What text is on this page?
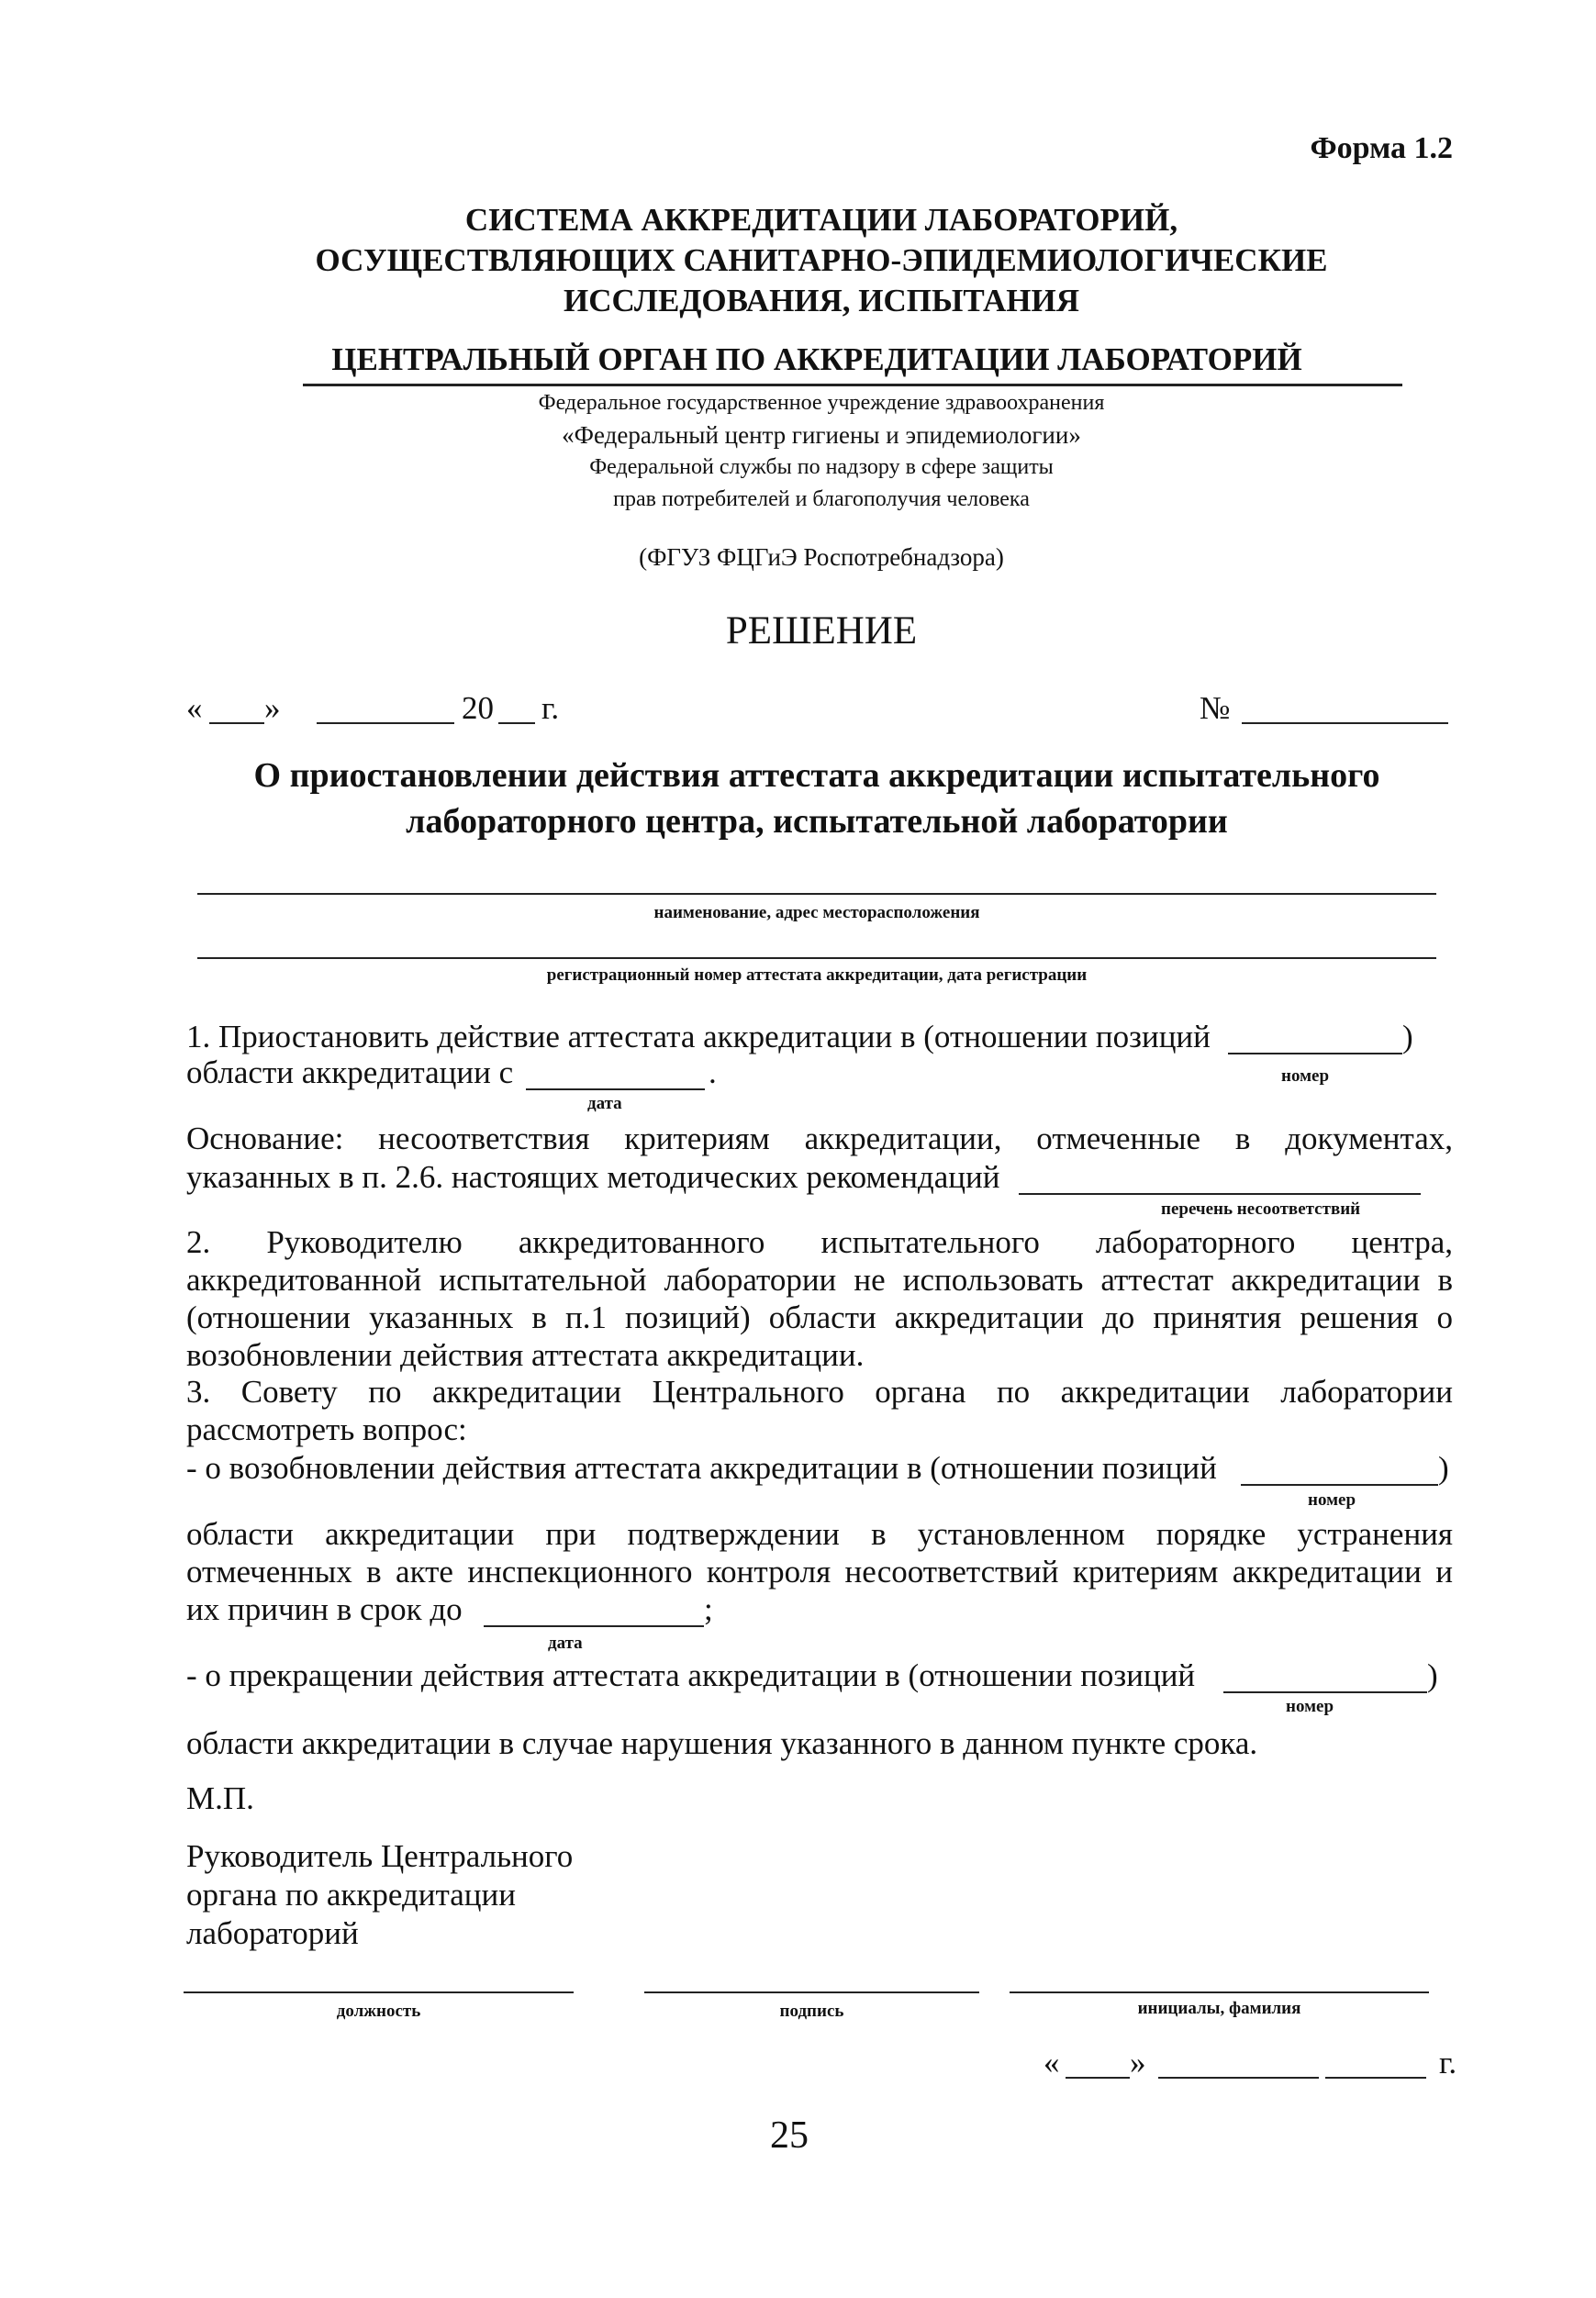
Форма 1.2
СИСТЕМА АККРЕДИТАЦИИ ЛАБОРАТОРИЙ,
ОСУЩЕСТВЛЯЮЩИХ САНИТАРНО-ЭПИДЕМИОЛОГИЧЕСКИЕ
ИССЛЕДОВАНИЯ, ИСПЫТАНИЯ
ЦЕНТРАЛЬНЫЙ ОРГАН ПО АККРЕДИТАЦИИ ЛАБОРАТОРИЙ
Федеральное государственное учреждение здравоохранения
«Федеральный центр гигиены и эпидемиологии»
Федеральной службы по надзору в сфере защиты
прав потребителей и благополучия человека
(ФГУЗ ФЦГиЭ Роспотребнадзора)
РЕШЕНИЕ
« »	20 г.	№
О приостановлении действия аттестата аккредитации испытательного
лабораторного центра, испытательной лаборатории
наименование, адрес месторасположения
регистрационный номер аттестата аккредитации, дата регистрации
1. Приостановить действие аттестата аккредитации в (отношении позиций	)
области аккредитации с	.	номер
дата
Основание: несоответствия критериям аккредитации, отмеченные в документах,
указанных в п. 2.6. настоящих методических рекомендаций
перечень несоответствий
2. Руководителю аккредитованного испытательного лабораторного центра,
аккредитованной испытательной лаборатории не использовать аттестат аккредитации в
(отношении указанных в п.1 позиций) области аккредитации до принятия решения о
возобновлении действия аттестата аккредитации.
3. Совету по аккредитации Центрального органа по аккредитации лаборатории
рассмотреть вопрос:
- о возобновлении действия аттестата аккредитации в (отношении позиций	)
номер
области аккредитации при подтверждении в установленном порядке устранения
отмеченных в акте инспекционного контроля несоответствий критериям аккредитации и
их причин в срок до	;
дата
- о прекращении действия аттестата аккредитации в (отношении позиций	)
номер
области аккредитации в случае нарушения указанного в данном пункте срока.
М.П.
Руководитель Центрального
органа по аккредитации
лабораторий
должность	подпись	инициалы, фамилия
« »	г.
25
